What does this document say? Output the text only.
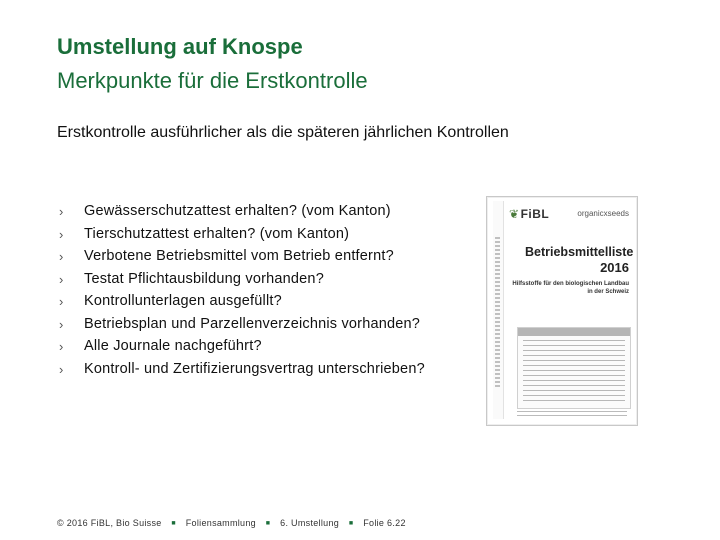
Umstellung auf Knospe
Merkpunkte für die Erstkontrolle
Erstkontrolle ausführlicher als die späteren jährlichen Kontrollen
› Gewässerschutzattest erhalten? (vom Kanton)
› Tierschutzattest erhalten? (vom Kanton)
› Verbotene Betriebsmittel vom Betrieb entfernt?
› Testat Pflichtausbildung vorhanden?
› Kontrollunterlagen ausgefüllt?
› Betriebsplan und Parzellenverzeichnis vorhanden?
› Alle Journale nachgeführt?
› Kontroll- und Zertifizierungsvertrag unterschrieben?
❦FiBL	organicxseeds
Betriebsmittelliste
2016
Hilfsstoffe für den biologischen Landbau
in der Schweiz
© 2016 FiBL, Bio Suisse ■ Foliensammlung ■ 6. Umstellung ■ Folie 6.22
